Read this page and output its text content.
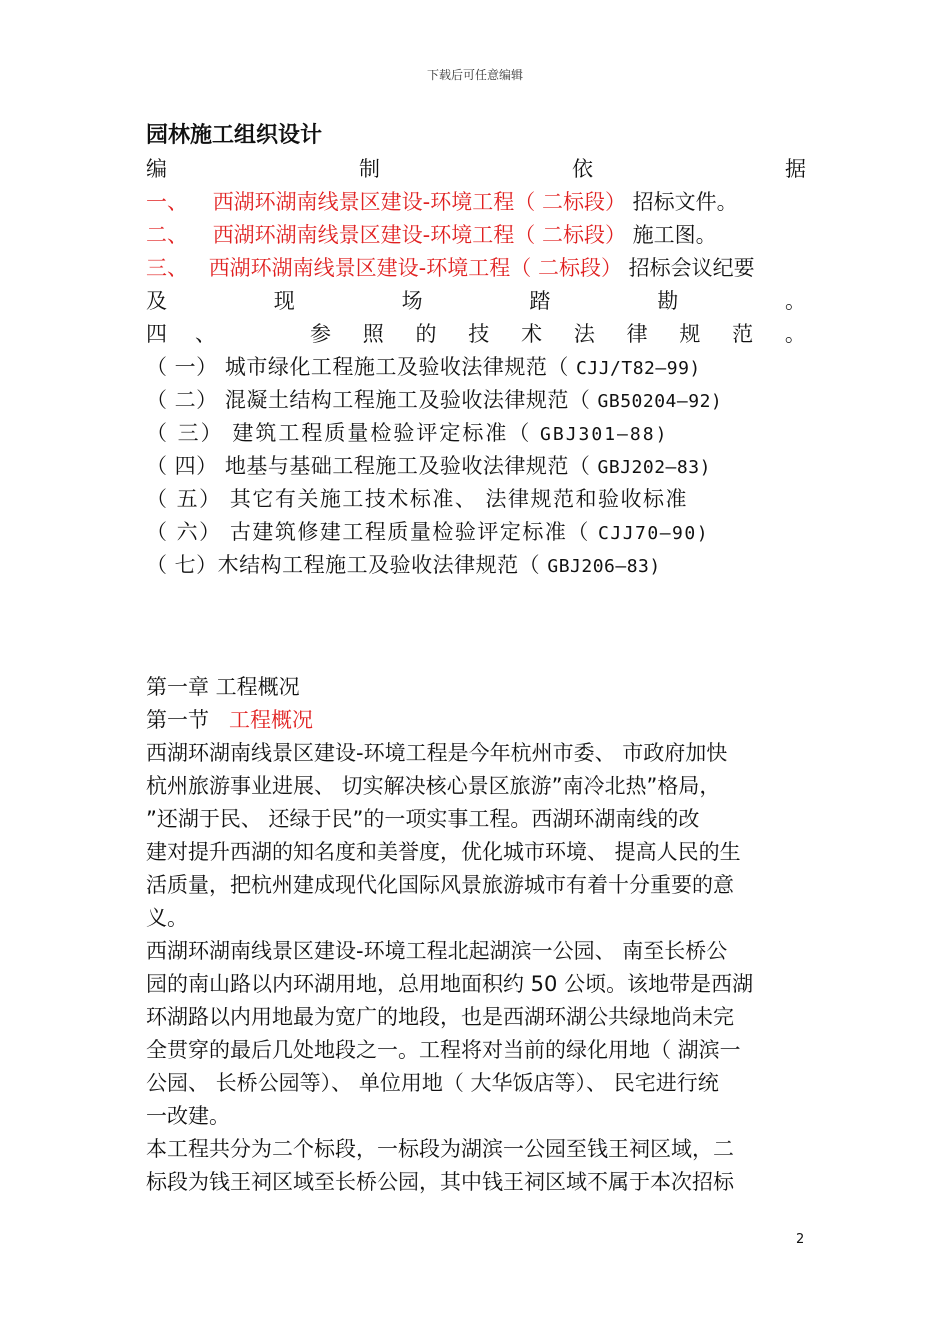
下载后可任意编辑
园林施工组织设计
编	制	依	据
一、 西湖环湖南线景区建设-环境工程（ 二标段） 招标文件。
二、 西湖环湖南线景区建设-环境工程（ 二标段） 施工图。
三、 西湖环湖南线景区建设-环境工程（ 二标段） 招标会议纪要
及	现	场	踏	勘	。
四 、	参 照 的 技 术 法 律 规 范 。
（ 一） 城市绿化工程施工及验收法律规范（ CJJ/T82—99)
（ 二） 混凝土结构工程施工及验收法律规范（ GB50204—92)
（ 三） 建筑工程质量检验评定标准（ GBJ301—88)
（ 四） 地基与基础工程施工及验收法律规范（ GBJ202—83)
（ 五） 其它有关施工技术标准、 法律规范和验收标准
（ 六） 古建筑修建工程质量检验评定标准（ CJJ70—90)
（ 七）木结构工程施工及验收法律规范（ GBJ206—83)
第一章 工程概况
第一节   工程概况
西湖环湖南线景区建设-环境工程是今年杭州市委、 市政府加快
杭州旅游事业进展、 切实解决核心景区旅游”南冷北热”格局，
”还湖于民、 还绿于民”的一项实事工程。西湖环湖南线的改
建对提升西湖的知名度和美誉度，优化城市环境、 提高人民的生
活质量，把杭州建成现代化国际风景旅游城市有着十分重要的意
义。
西湖环湖南线景区建设-环境工程北起湖滨一公园、 南至长桥公
园的南山路以内环湖用地，总用地面积约 50 公顷。该地带是西湖
环湖路以内用地最为宽广的地段，也是西湖环湖公共绿地尚未完
全贯穿的最后几处地段之一。工程将对当前的绿化用地（ 湖滨一
公园、 长桥公园等）、 单位用地（ 大华饭店等）、 民宅进行统
一改建。
本工程共分为二个标段，一标段为湖滨一公园至钱王祠区域，二
标段为钱王祠区域至长桥公园，其中钱王祠区域不属于本次招标
2
